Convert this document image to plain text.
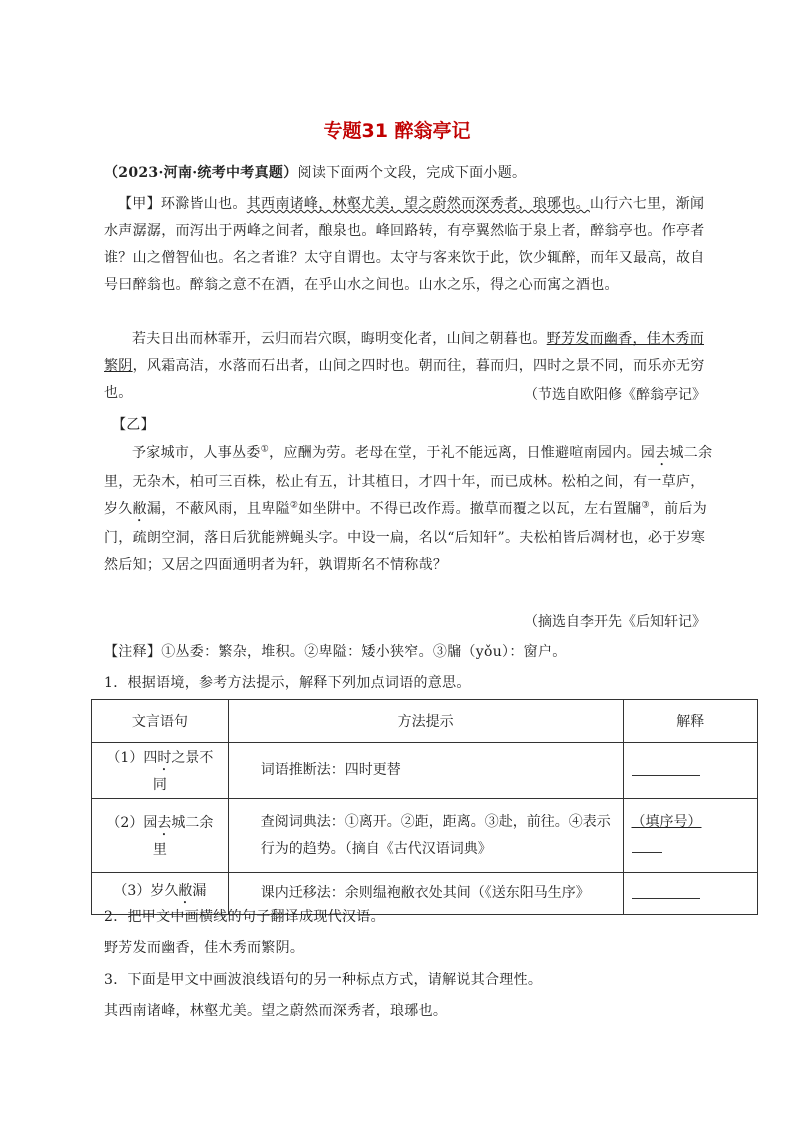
专题31 醉翁亭记
（2023·河南·统考中考真题）阅读下面两个文段，完成下面小题。
【甲】环滁皆山也。其西南诸峰，林壑尤美，望之蔚然而深秀者，琅琊也。山行六七里，渐闻水声潺潺，而泻出于两峰之间者，酿泉也。峰回路转，有亭翼然临于泉上者，醉翁亭也。作亭者谁？山之僧智仙也。名之者谁？太守自谓也。太守与客来饮于此，饮少辄醉，而年又最高，故自号曰醉翁也。醉翁之意不在酒，在乎山水之间也。山水之乐，得之心而寓之酒也。
若夫日出而林霏开，云归而岩穴暝，晦明变化者，山间之朝暮也。野芳发而幽香，佳木秀而繁阴，风霜高洁，水落而石出者，山间之四时也。朝而往，暮而归，四时之景不同，而乐亦无穷也。	（节选自欧阳修《醉翁亭记》
【乙】
予家城市，人事丛委①，应酬为劳。老母在堂，于礼不能远离，日惟避喧南园内。园去城二余里，无杂木，柏可三百株，松止有五，计其植日，才四十年，而已成林。松柏之间，有一草庐，岁久敝漏，不蔽风雨，且卑隘②如坐阱中。不得已改作焉。撤草而覆之以瓦，左右置牖③，前后为门，疏朗空洞，落日后犹能辨蝇头字。中设一扁，名以“后知轩”。夫松柏皆后凋材也，必于岁寒然后知；又居之四面通明者为轩，孰谓斯名不情称哉？
（摘选自李开先《后知轩记》
【注释】①丛委：繁杂，堆积。②卑隘：矮小狭窄。③牖（yǒu）：窗户。
1．根据语境，参考方法提示，解释下列加点词语的意思。
文言语句	方法提示	解释
（1）四时之景不同	词语推断法：四时更替	
（2）园去城二余里	查阅词典法：①离开。②距，距离。③赴，前往。④表示行为的趋势。（摘自《古代汉语词典》	（填序号）

（3）岁久敝漏	课内迁移法：余则缊袍敝衣处其间（《送东阳马生序》	
2．把甲文中画横线的句子翻译成现代汉语。
野芳发而幽香，佳木秀而繁阴。
3．下面是甲文中画波浪线语句的另一种标点方式，请解说其合理性。
其西南诸峰，林壑尤美。望之蔚然而深秀者，琅琊也。
